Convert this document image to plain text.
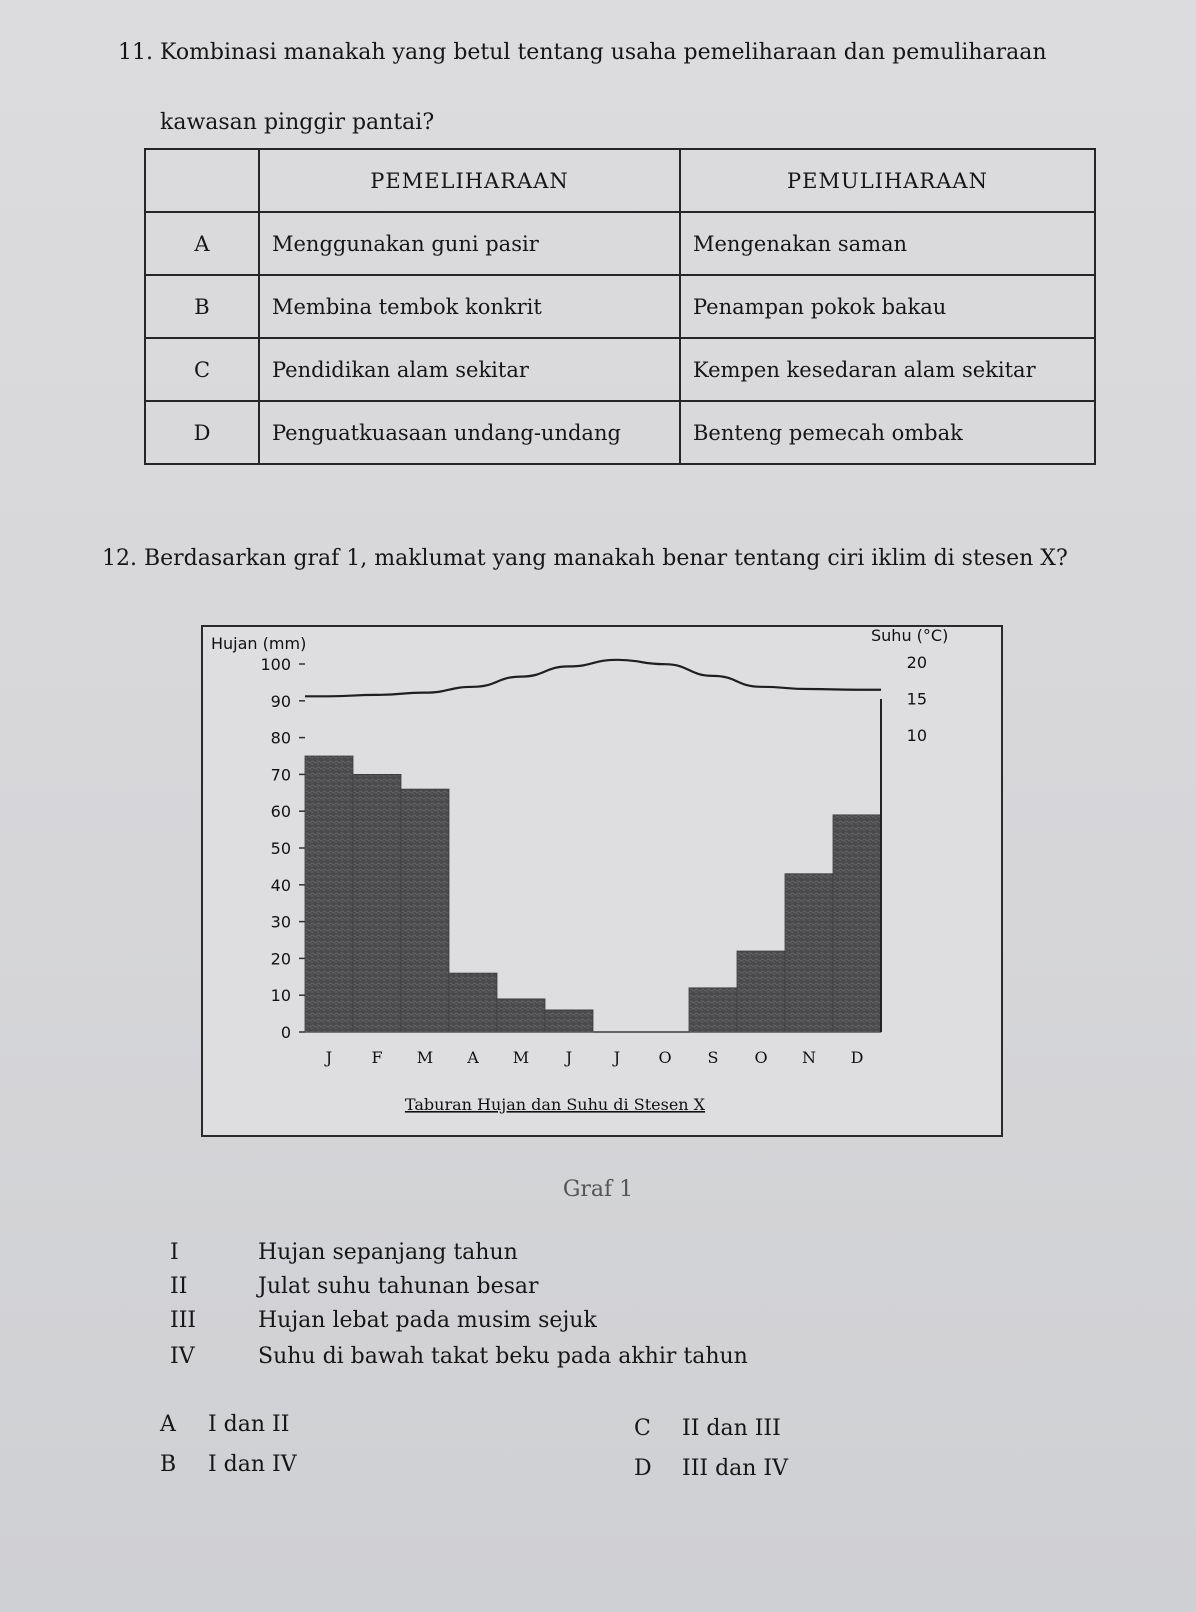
11. Kombinasi manakah yang betul tentang usaha pemeliharaan dan pemuliharaan
kawasan pinggir pantai?
	PEMELIHARAAN	PEMULIHARAAN
A	Menggunakan guni pasir	Mengenakan saman
B	Membina tembok konkrit	Penampan pokok bakau
C	Pendidikan alam sekitar	Kempen kesedaran alam sekitar
D	Penguatkuasaan undang-undang	Benteng pemecah ombak
12. Berdasarkan graf 1, maklumat yang manakah benar tentang ciri iklim di stesen X?
Hujan (mm)	Suhu (°C)
0
10
20
30
40
50
60
70
80
90
100
10
15
20
J F M A M J	J O S O N D
Taburan Hujan dan Suhu di Stesen X
Graf 1
I	Hujan sepanjang tahun
II	Julat suhu tahunan besar
III	Hujan lebat pada musim sejuk
IV	Suhu di bawah takat beku pada akhir tahun
A I dan II
B I dan IV
C II dan III
D III dan IV
